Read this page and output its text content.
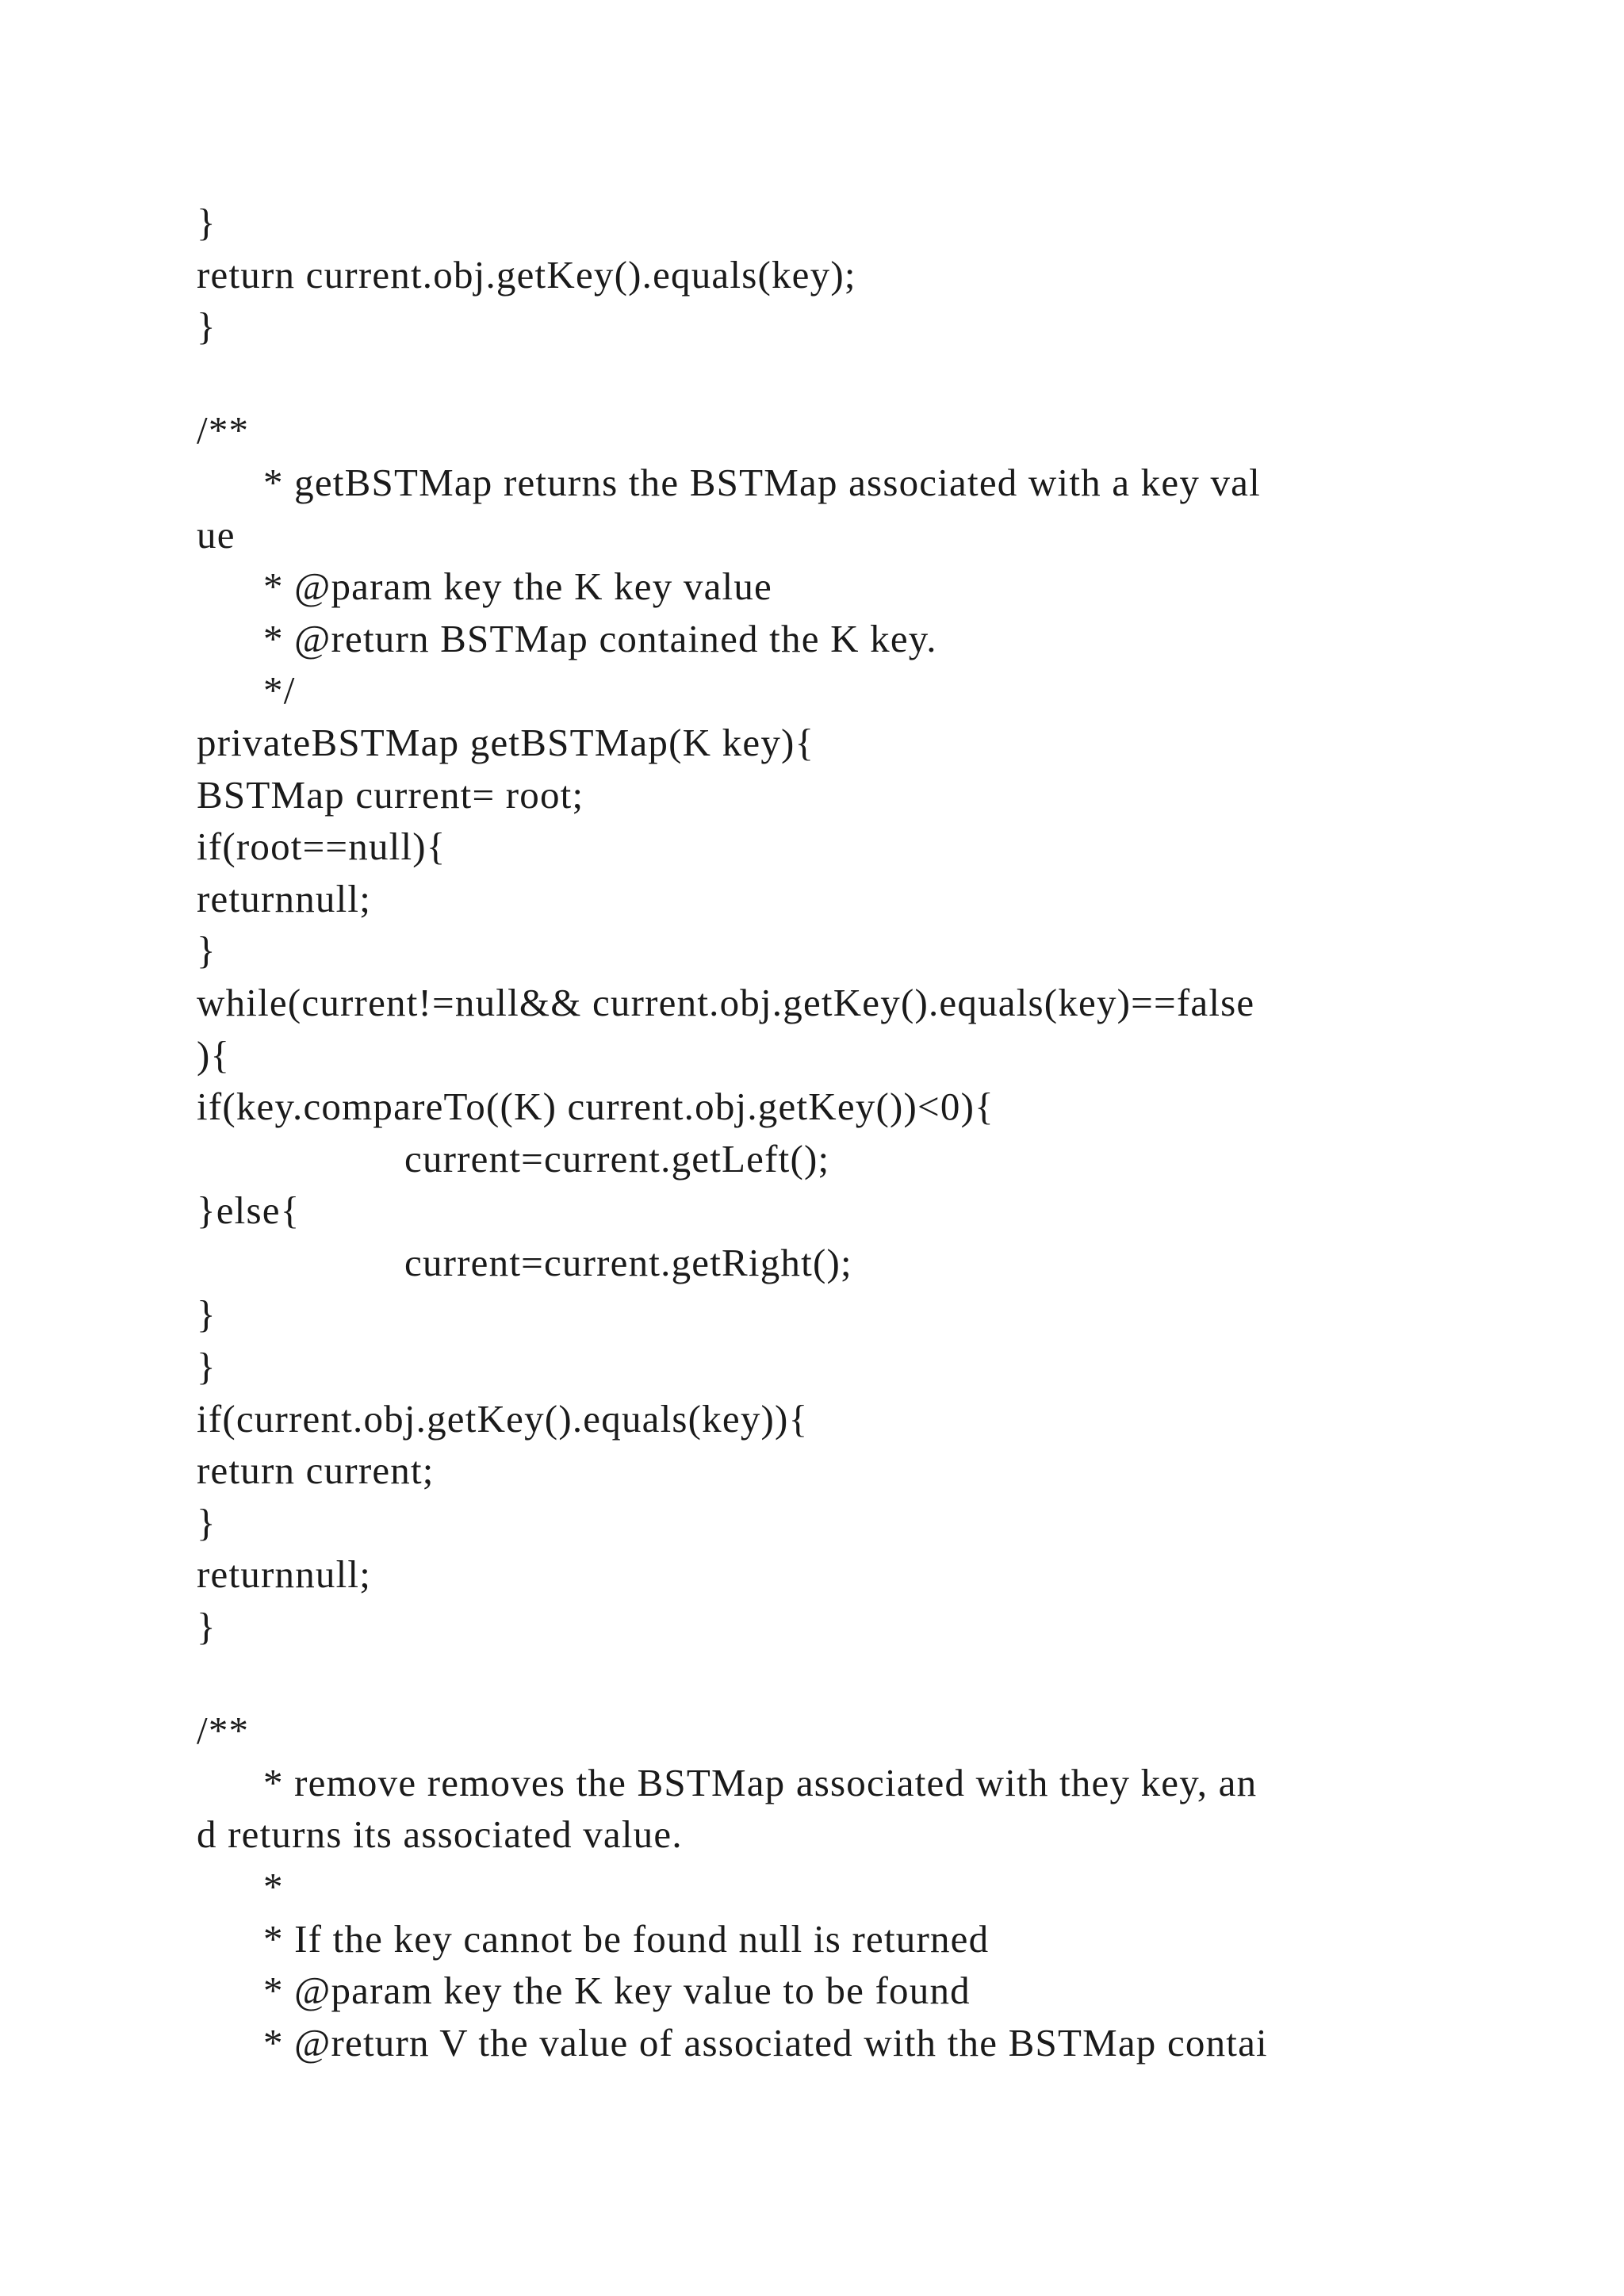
}
return current.obj.getKey().equals(key);
}
/**
* getBSTMap returns the BSTMap associated with a key val
ue
* @param key the K key value
* @return BSTMap contained the K key.
*/
privateBSTMap getBSTMap(K key){
BSTMap current= root;
if(root==null){
returnnull;
}
while(current!=null&& current.obj.getKey().equals(key)==false
){
if(key.compareTo((K) current.obj.getKey())<0){
current=current.getLeft();
}else{
current=current.getRight();
}
}
if(current.obj.getKey().equals(key)){
return current;
}
returnnull;
}
/**
* remove removes the BSTMap associated with they key, an
d returns its associated value.
*
* If the key cannot be found null is returned
* @param key the K key value to be found
* @return V the value of associated with the BSTMap contai
